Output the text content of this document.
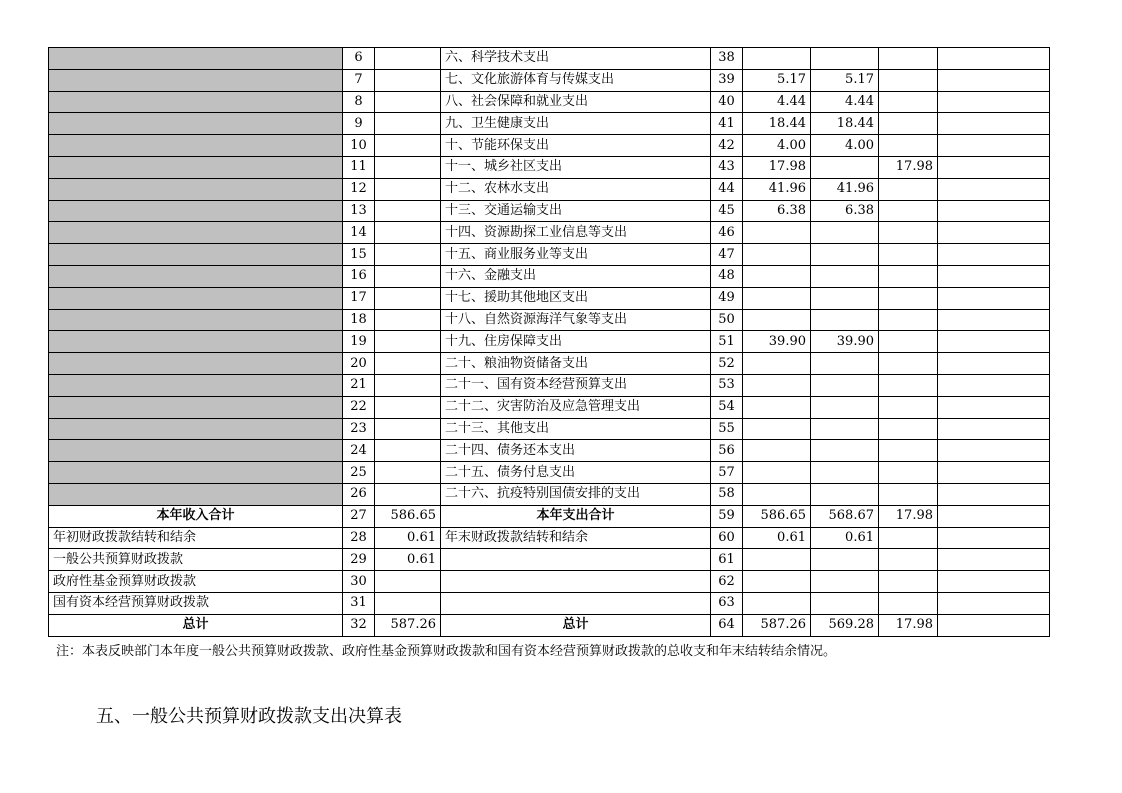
	6		六、科学技术支出	38				
	7		七、文化旅游体育与传媒支出	39	5.17	5.17		
	8		八、社会保障和就业支出	40	4.44	4.44		
	9		九、卫生健康支出	41	18.44	18.44		
	10		十、节能环保支出	42	4.00	4.00		
	11		十一、城乡社区支出	43	17.98		17.98	
	12		十二、农林水支出	44	41.96	41.96		
	13		十三、交通运输支出	45	6.38	6.38		
	14		十四、资源勘探工业信息等支出	46				
	15		十五、商业服务业等支出	47				
	16		十六、金融支出	48				
	17		十七、援助其他地区支出	49				
	18		十八、自然资源海洋气象等支出	50				
	19		十九、住房保障支出	51	39.90	39.90		
	20		二十、粮油物资储备支出	52				
	21		二十一、国有资本经营预算支出	53				
	22		二十二、灾害防治及应急管理支出	54				
	23		二十三、其他支出	55				
	24		二十四、债务还本支出	56				
	25		二十五、债务付息支出	57				
	26		二十六、抗疫特别国债安排的支出	58				
本年收入合计	27	586.65	本年支出合计	59	586.65	568.67	17.98	
年初财政拨款结转和结余	28	0.61	年末财政拨款结转和结余	60	0.61	0.61		
一般公共预算财政拨款	29	0.61		61				
政府性基金预算财政拨款	30			62				
国有资本经营预算财政拨款	31			63				
总计	32	587.26	总计	64	587.26	569.28	17.98	
注：本表反映部门本年度一般公共预算财政拨款、政府性基金预算财政拨款和国有资本经营预算财政拨款的总收支和年末结转结余情况。
五、一般公共预算财政拨款支出决算表
